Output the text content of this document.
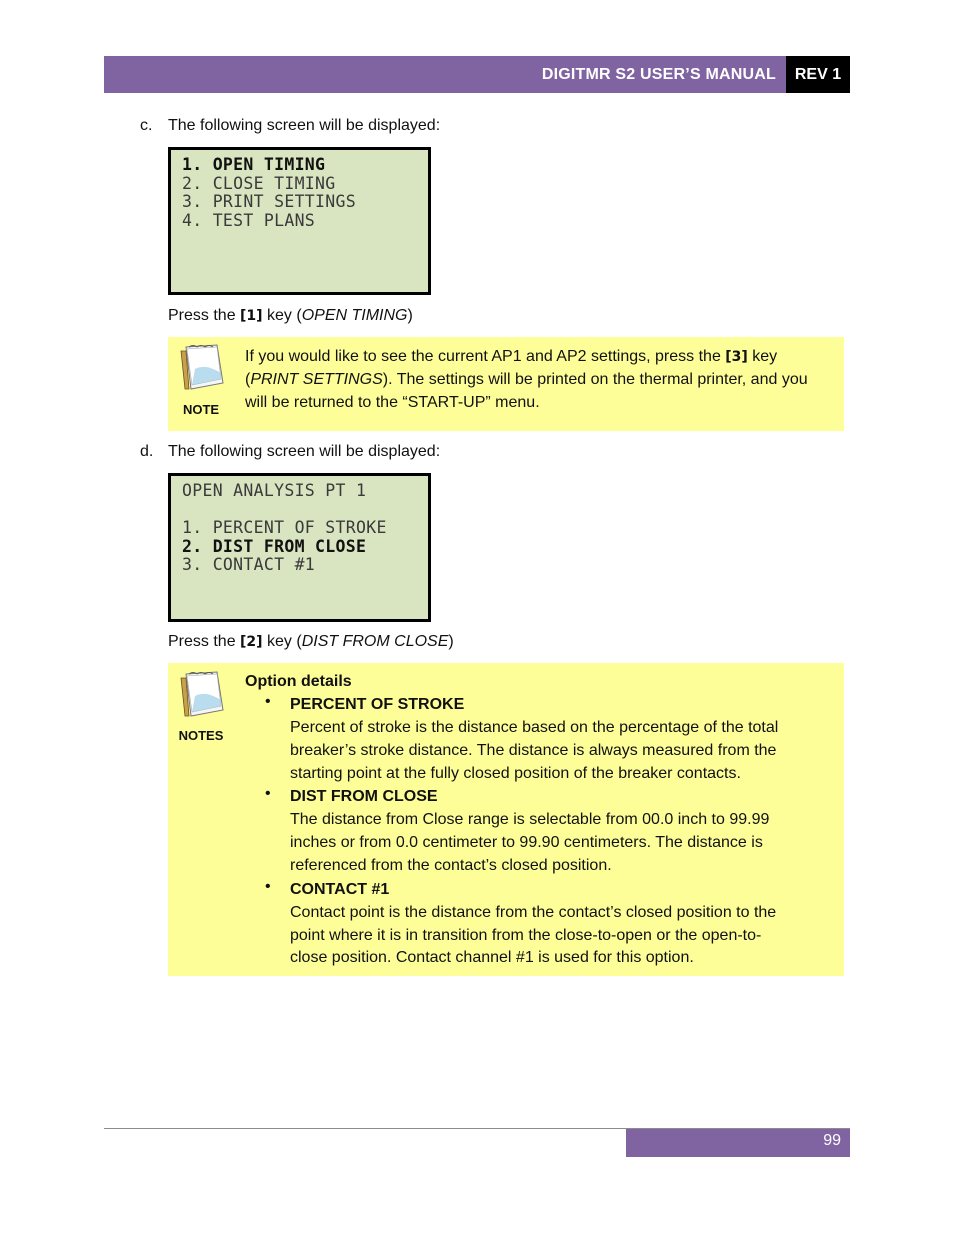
DIGITMR S2 USER’S MANUAL	REV 1
c. The following screen will be displayed:
1. OPEN TIMING
2. CLOSE TIMING
3. PRINT SETTINGS
4. TEST PLANS
Press the [1] key (OPEN TIMING)
NOTE
If you would like to see the current AP1 and AP2 settings, press the [3] key
(PRINT SETTINGS). The settings will be printed on the thermal printer, and you
will be returned to the “START-UP” menu.
d. The following screen will be displayed:
OPEN ANALYSIS PT 1
1. PERCENT OF STROKE
2. DIST FROM CLOSE
3. CONTACT #1
Press the [2] key (DIST FROM CLOSE)
NOTES
Option details
• PERCENT OF STROKE
Percent of stroke is the distance based on the percentage of the total
breaker’s stroke distance. The distance is always measured from the
starting point at the fully closed position of the breaker contacts.
• DIST FROM CLOSE
The distance from Close range is selectable from 00.0 inch to 99.99
inches or from 0.0 centimeter to 99.90 centimeters. The distance is
referenced from the contact’s closed position.
• CONTACT #1
Contact point is the distance from the contact’s closed position to the
point where it is in transition from the close-to-open or the open-to-
close position. Contact channel #1 is used for this option.
99
